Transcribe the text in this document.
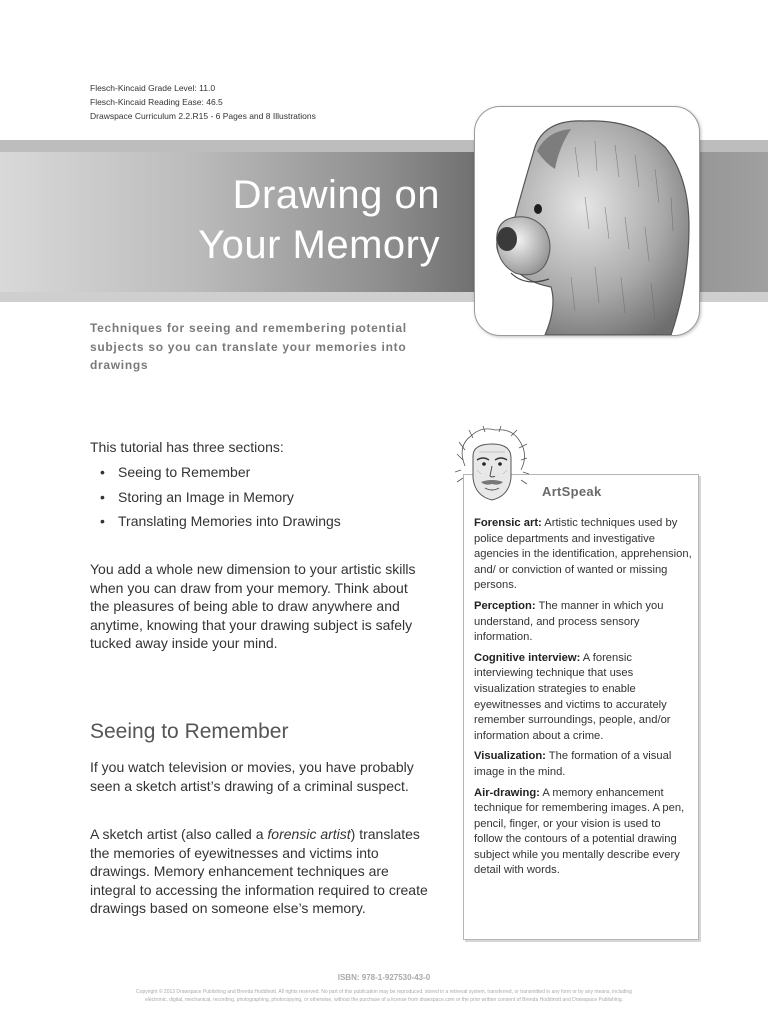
Flesch-Kincaid Grade Level: 11.0
Flesch-Kincaid Reading Ease: 46.5
Drawspace Curriculum 2.2.R15 - 6 Pages and 8 Illustrations
Drawing on
Your Memory
Techniques for seeing and remembering potential subjects so you can translate your memories into drawings
This tutorial has three sections:
• Seeing to Remember
• Storing an Image in Memory
• Translating Memories into Drawings
You add a whole new dimension to your artistic skills when you can draw from your memory. Think about the pleasures of being able to draw anywhere and anytime, knowing that your drawing subject is safely tucked away inside your mind.
Seeing to Remember
If you watch television or movies, you have probably seen a sketch artist’s drawing of a criminal suspect.
A sketch artist (also called a forensic artist) translates the memories of eyewitnesses and victims into drawings. Memory enhancement techniques are integral to accessing the information required to create drawings based on someone else’s memory.
ArtSpeak
Forensic art: Artistic techniques used by police departments and investigative agencies in the identification, apprehension, and/ or conviction of wanted or missing persons.
Perception: The manner in which you understand, and process sensory information.
Cognitive interview: A forensic interviewing technique that uses visualization strategies to enable eyewitnesses and victims to accurately remember surroundings, people, and/or information about a crime.
Visualization: The formation of a visual image in the mind.
Air-drawing: A memory enhancement technique for remembering images. A pen, pencil, finger, or your vision is used to follow the contours of a potential drawing subject while you mentally describe every detail with words.
ISBN: 978-1-927530-43-0
Copyright © 2013 Drawspace Publishing and Brenda Hoddinott. All rights reserved. No part of this publication may be reproduced, stored in a retrieval system, transferred, or transmitted in any form or by any means, including electronic, digital, mechanical, recording, photographing, photocopying, or otherwise, without the purchase of a license from drawspace.com or the prior written consent of Brenda Hoddinott and Drawspace Publishing.
